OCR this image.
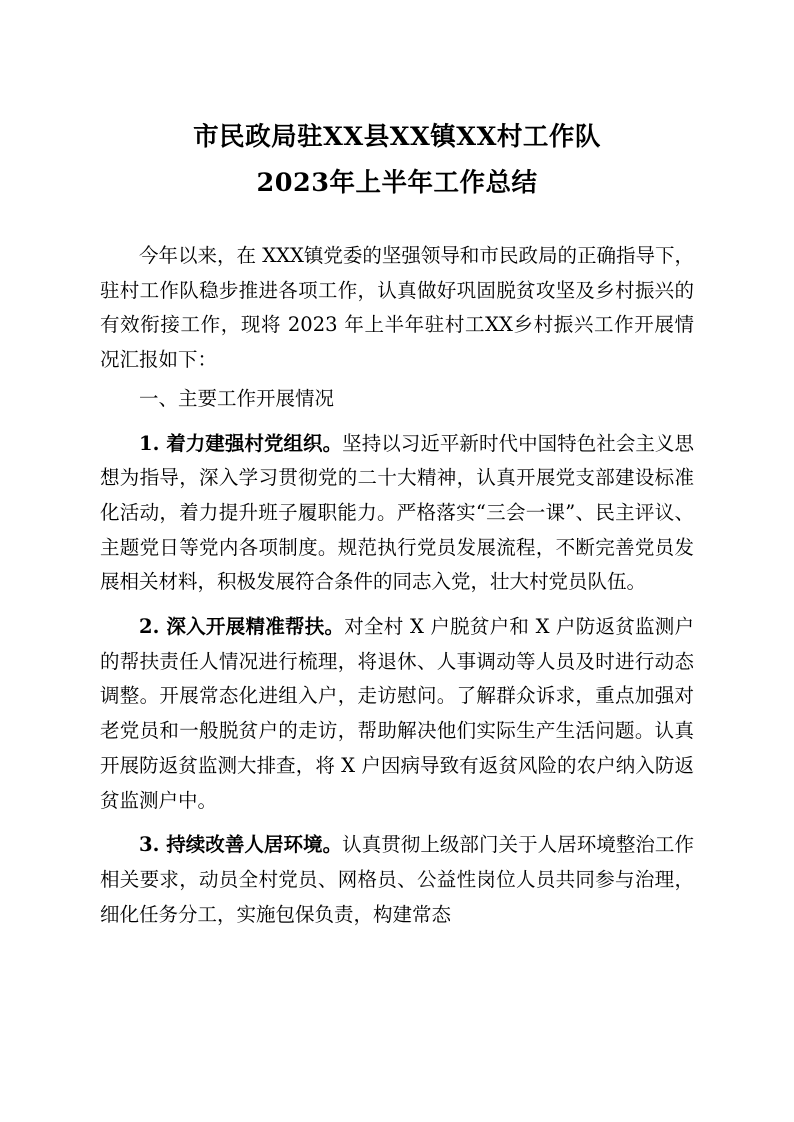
市民政局驻XX县XX镇XX村工作队
2023年上半年工作总结

今年以来，在 XXX镇党委的坚强领导和市民政局的正确指导下，驻村工作队稳步推进各项工作，认真做好巩固脱贫攻坚及乡村振兴的有效衔接工作，现将 2023 年上半年驻村工XX乡村振兴工作开展情况汇报如下：

一、主要工作开展情况

1. 着力建强村党组织。坚持以习近平新时代中国特色社会主义思想为指导，深入学习贯彻党的二十大精神，认真开展党支部建设标准化活动，着力提升班子履职能力。严格落实“三会一课”、民主评议、主题党日等党内各项制度。规范执行党员发展流程，不断完善党员发展相关材料，积极发展符合条件的同志入党，壮大村党员队伍。

2. 深入开展精准帮扶。对全村 X 户脱贫户和 X 户防返贫监测户的帮扶责任人情况进行梳理，将退休、人事调动等人员及时进行动态调整。开展常态化进组入户，走访慰问。了解群众诉求，重点加强对老党员和一般脱贫户的走访，帮助解决他们实际生产生活问题。认真开展防返贫监测大排查，将 X 户因病导致有返贫风险的农户纳入防返贫监测户中。

3. 持续改善人居环境。认真贯彻上级部门关于人居环境整治工作相关要求，动员全村党员、网格员、公益性岗位人员共同参与治理，细化任务分工，实施包保负责，构建常态
